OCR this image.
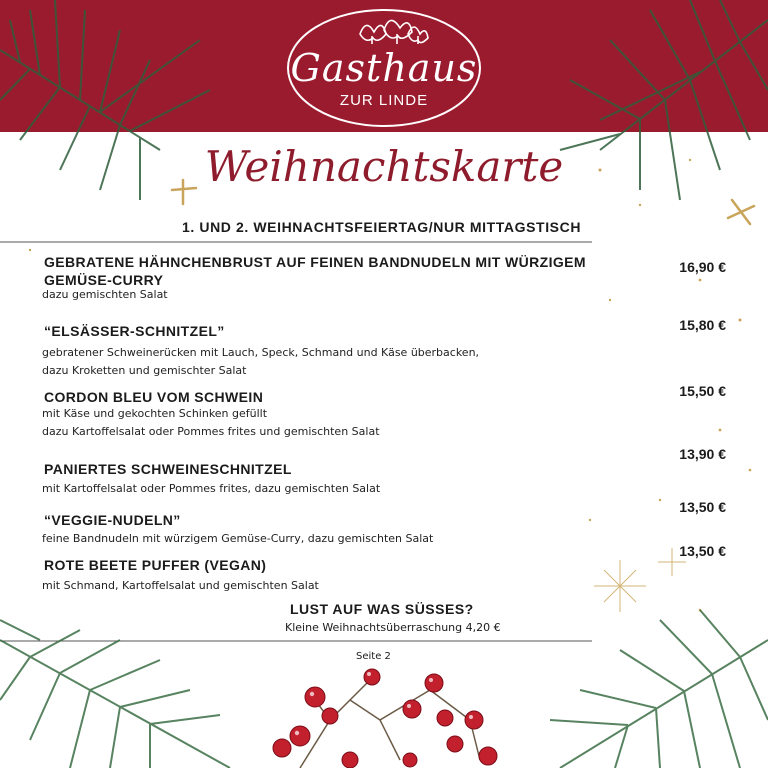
Gasthaus
ZUR LINDE
Weihnachtskarte
1. UND 2. WEIHNACHTSFEIERTAG/NUR MITTAGSTISCH
GEBRATENE HÄHNCHENBRUST AUF FEINEN BANDNUDELN MIT WÜRZIGEM GEMÜSE-CURRY
dazu gemischten Salat
16,90 €
“ELSÄSSER-SCHNITZEL”
gebratener Schweinerücken mit Lauch, Speck, Schmand und Käse überbacken,
dazu Kroketten und gemischter Salat
15,80 €
CORDON BLEU VOM SCHWEIN
mit Käse und gekochten Schinken gefüllt
dazu Kartoffelsalat oder Pommes frites und gemischten Salat
15,50 €
PANIERTES SCHWEINESCHNITZEL
mit Kartoffelsalat oder Pommes frites, dazu gemischten Salat
13,90 €
“VEGGIE-NUDELN”
feine Bandnudeln mit würzigem Gemüse-Curry, dazu gemischten Salat
13,50 €
ROTE BEETE PUFFER (VEGAN)
mit Schmand, Kartoffelsalat und gemischten Salat
13,50 €
LUST AUF WAS SÜSSES?
Kleine Weihnachtsüberraschung 4,20 €
Seite 2
